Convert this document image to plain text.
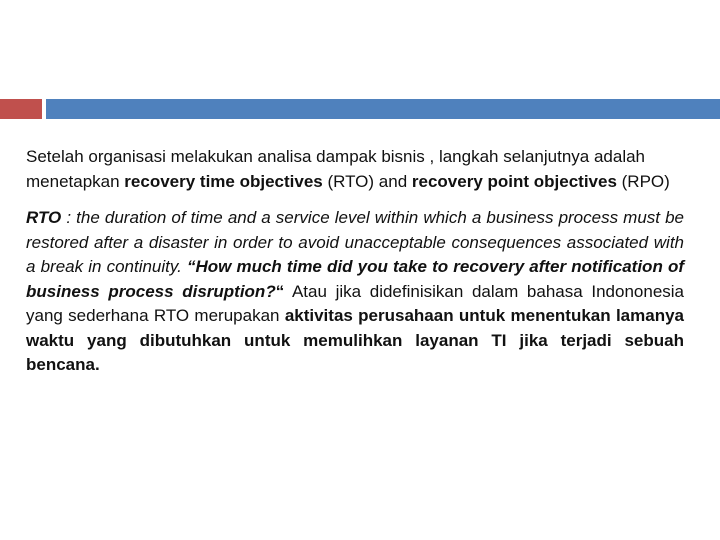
Setelah organisasi melakukan analisa dampak bisnis , langkah selanjutnya adalah menetapkan recovery time objectives (RTO) and recovery point objectives (RPO)

RTO : the duration of time and a service level within which a business process must be restored after a disaster in order to avoid unacceptable consequences associated with a break in continuity. “How much time did you take to recovery after notification of business process disruption?“ Atau jika didefinisikan dalam bahasa Indononesia yang sederhana RTO merupakan aktivitas perusahaan untuk menentukan lamanya waktu yang dibutuhkan untuk memulihkan layanan TI jika terjadi sebuah bencana.
